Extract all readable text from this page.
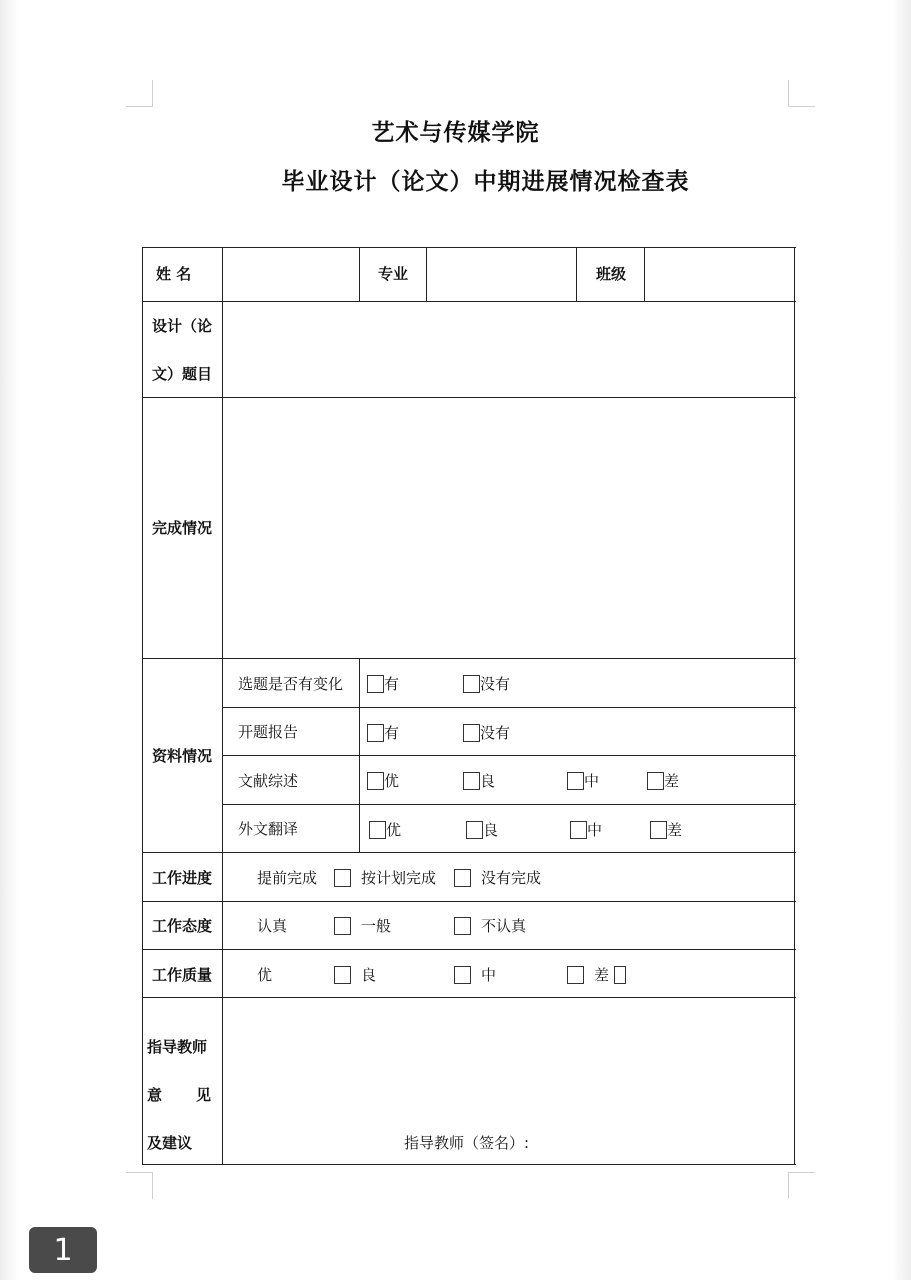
艺术与传媒学院
毕业设计（论文）中期进展情况检查表
姓 名	专业	班级
设计（论
文）题目
完成情况
资料情况
选题是否有变化	有	没有
开题报告	有	没有
文献综述	优	良	中	差
外文翻译	优	良	中	差
工作进度	提前完成	按计划完成	没有完成
工作态度	认真	一般	不认真
工作质量	优	良	中	差
指导教师
意 见
及建议	指导教师（签名）:
1
